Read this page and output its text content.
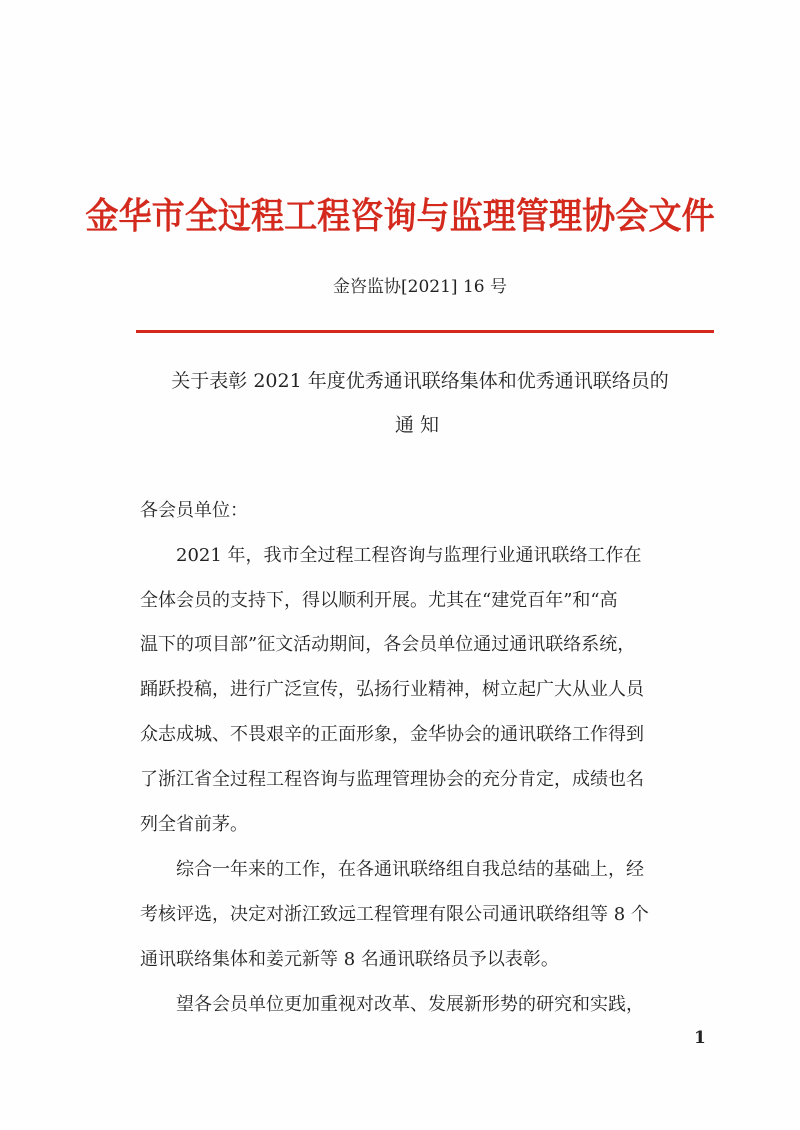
金华市全过程工程咨询与监理管理协会文件
金咨监协[2021] 16 号
关于表彰 2021 年度优秀通讯联络集体和优秀通讯联络员的
通知
各会员单位：
2021 年，我市全过程工程咨询与监理行业通讯联络工作在
全体会员的支持下，得以顺利开展。尤其在“建党百年”和“高
温下的项目部”征文活动期间，各会员单位通过通讯联络系统，
踊跃投稿，进行广泛宣传，弘扬行业精神，树立起广大从业人员
众志成城、不畏艰辛的正面形象，金华协会的通讯联络工作得到
了浙江省全过程工程咨询与监理管理协会的充分肯定，成绩也名
列全省前茅。
综合一年来的工作，在各通讯联络组自我总结的基础上，经
考核评选，决定对浙江致远工程管理有限公司通讯联络组等 8 个
通讯联络集体和姜元新等 8 名通讯联络员予以表彰。
望各会员单位更加重视对改革、发展新形势的研究和实践，
1
